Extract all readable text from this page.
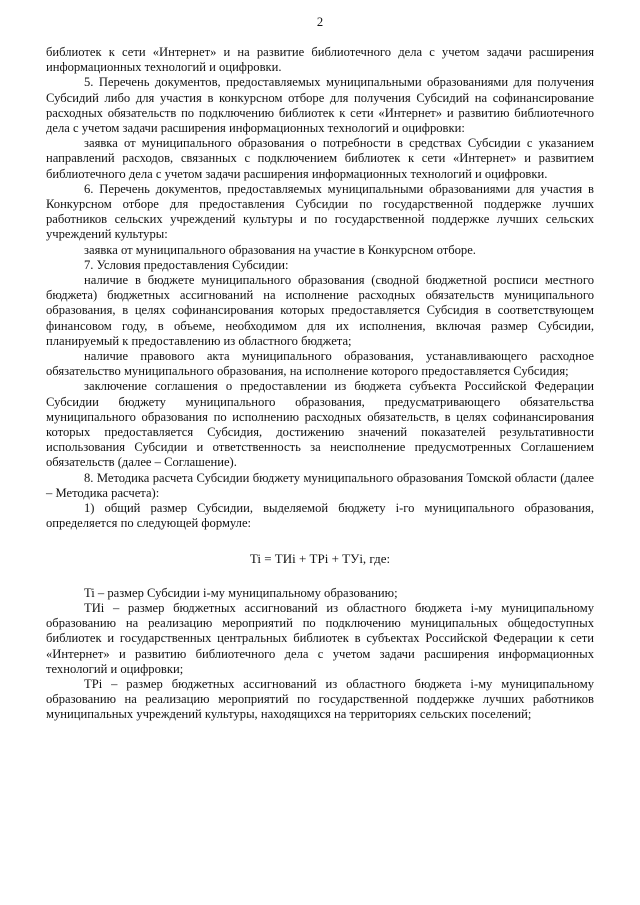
2

библиотек к сети «Интернет» и на развитие библиотечного дела с учетом задачи расширения информационных технологий и оцифровки.

5. Перечень документов, предоставляемых муниципальными образованиями для получения Субсидий либо для участия в конкурсном отборе для получения Субсидий на софинансирование расходных обязательств по подключению библиотек к сети «Интернет» и развитию библиотечного дела с учетом задачи расширения информационных технологий и оцифровки:

заявка от муниципального образования о потребности в средствах Субсидии с указанием направлений расходов, связанных с подключением библиотек к сети «Интернет» и развитием библиотечного дела с учетом задачи расширения информационных технологий и оцифровки.

6. Перечень документов, предоставляемых муниципальными образованиями для участия в Конкурсном отборе для предоставления Субсидии по государственной поддержке лучших работников сельских учреждений культуры и по государственной поддержке лучших сельских учреждений культуры:

заявка от муниципального образования на участие в Конкурсном отборе.

7. Условия предоставления Субсидии:

наличие в бюджете муниципального образования (сводной бюджетной росписи местного бюджета) бюджетных ассигнований на исполнение расходных обязательств муниципального образования, в целях софинансирования которых предоставляется Субсидия в соответствующем финансовом году, в объеме, необходимом для их исполнения, включая размер Субсидии, планируемый к предоставлению из областного бюджета;

наличие правового акта муниципального образования, устанавливающего расходное обязательство муниципального образования, на исполнение которого предоставляется Субсидия;

заключение соглашения о предоставлении из бюджета субъекта Российской Федерации Субсидии бюджету муниципального образования, предусматривающего обязательства муниципального образования по исполнению расходных обязательств, в целях софинансирования которых предоставляется Субсидия, достижению значений показателей результативности использования Субсидии и ответственность за неисполнение предусмотренных Соглашением обязательств (далее – Соглашение).

8. Методика расчета Субсидии бюджету муниципального образования Томской области (далее – Методика расчета):

1) общий размер Субсидии, выделяемой бюджету i-го муниципального образования, определяется по следующей формуле:

Ti = ТИi + ТРi + ТУi, где:

Ti – размер Субсидии i-му муниципальному образованию;

ТИi – размер бюджетных ассигнований из областного бюджета i-му муниципальному образованию на реализацию мероприятий по подключению муниципальных общедоступных библиотек и государственных центральных библиотек в субъектах Российской Федерации к сети «Интернет» и развитию библиотечного дела с учетом задачи расширения информационных технологий и оцифровки;

ТРi – размер бюджетных ассигнований из областного бюджета i-му муниципальному образованию на реализацию мероприятий по государственной поддержке лучших работников муниципальных учреждений культуры, находящихся на территориях сельских поселений;
